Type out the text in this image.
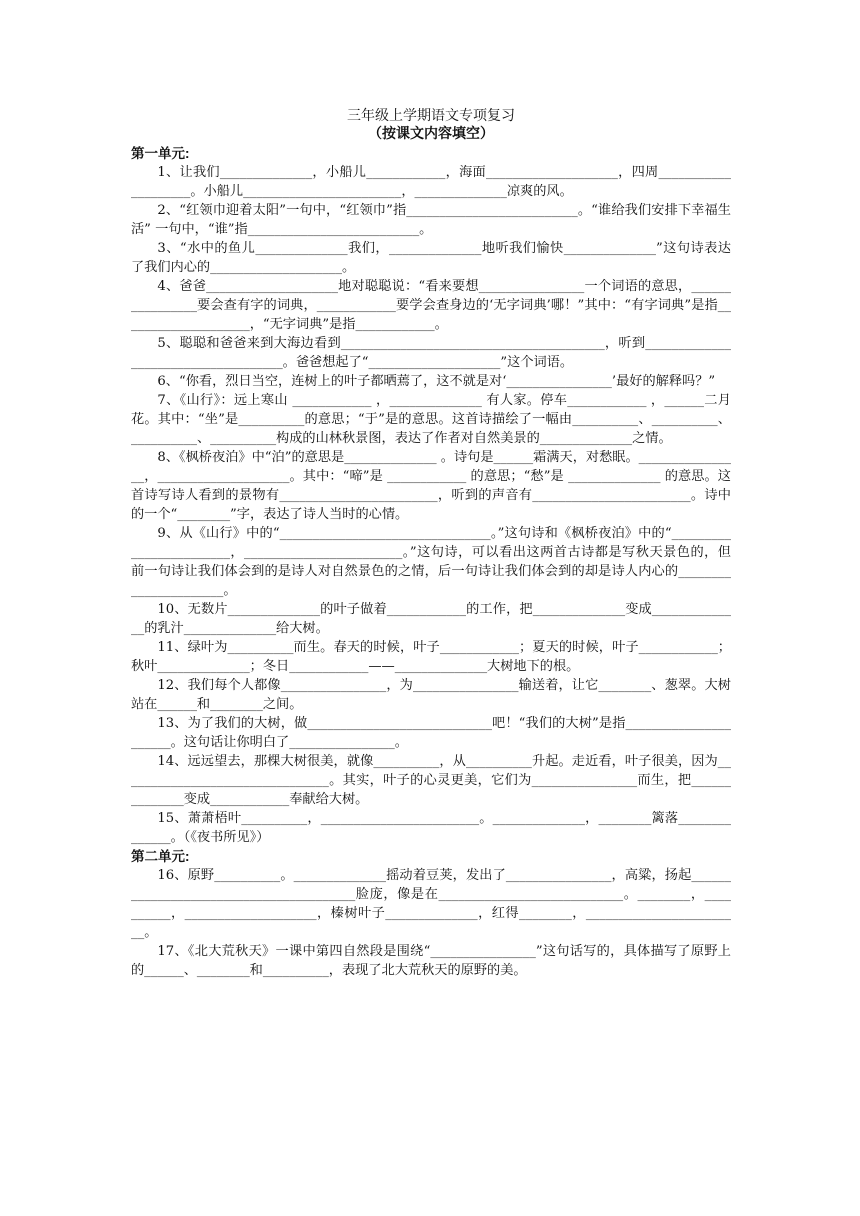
三年级上学期语文专项复习

（按课文内容填空）

第一单元:

1、让我们______________，小船儿____________，海面____________________，四周____________________。小船儿________________________，______________凉爽的风。

2、“红领巾迎着太阳”一句中，“红领巾”指__________________________。“谁给我们安排下幸福生活” 一句中，“谁”指__________________________。

3、“水中的鱼儿______________我们，______________地听我们愉快______________”这句诗表达了我们内心的____________________。

4、爸爸____________________地对聪聪说：“看来要想________________一个词语的意思，________________要会查有字的词典，____________要学会查身边的‘无字词典’哪！”其中：“有字词典”是指____________________，“无字词典”是指____________。

5、聪聪和爸爸来到大海边看到________________________________________，听到____________________________________。爸爸想起了“____________________”这个词语。

6、“你看，烈日当空，连树上的叶子都晒蔫了，这不就是对‘________________’最好的解释吗？”

7、《山行》：远上寒山 ____________ ，______________ 有人家。停车____________ ，______二月花。其中：“坐”是__________的意思；“于”是的意思。这首诗描绘了一幅由__________、__________、__________、__________构成的山林秋景图，表达了作者对自然美景的______________之情。

8、《枫桥夜泊》中“泊”的意思是______________ 。诗句是______霜满天，对愁眠。________________，____________________。其中：“啼”是 ____________ 的意思；“愁”是 ______________ 的意思。这首诗写诗人看到的景物有________________________，听到的声音有________________________。诗中的一个“________”字，表达了诗人当时的心情。

9、从《山行》中的“________________________________。”这句诗和《枫桥夜泊》中的“________________________，________________________。”这句诗，可以看出这两首古诗都是写秋天景色的，但前一句诗让我们体会到的是诗人对自然景色的之情，后一句诗让我们体会到的却是诗人内心的______________________。

10、无数片______________的叶子做着____________的工作，把______________变成______________的乳汁______________给大树。

11、绿叶为__________而生。春天的时候，叶子____________；夏天的时候，叶子____________；秋叶______________；冬日____________——______________大树地下的根。

12、我们每个人都像________________，为________________输送着，让它________、葱翠。大树站在______和________之间。

13、为了我们的大树，做____________________________吧！“我们的大树”是指______________________。这句话让你明白了________________。

14、远远望去，那棵大树很美，就像__________，从__________升起。走近看，叶子很美，因为________________________________。其实，叶子的心灵更美，它们为________________而生，把______________变成____________奉献给大树。

15、萧萧梧叶__________，________________________。______________，________篱落______________。（《夜书所见》）

第二单元:

16、原野__________。______________摇动着豆荚，发出了________________，高粱，扬起________________________________________脸庞，像是在____________________________。________，__________，____________________，榛树叶子______________，红得________，________________________。

17、《北大荒秋天》一课中第四自然段是围绕“________________”这句话写的，具体描写了原野上的______、________和__________，表现了北大荒秋天的原野的美。
